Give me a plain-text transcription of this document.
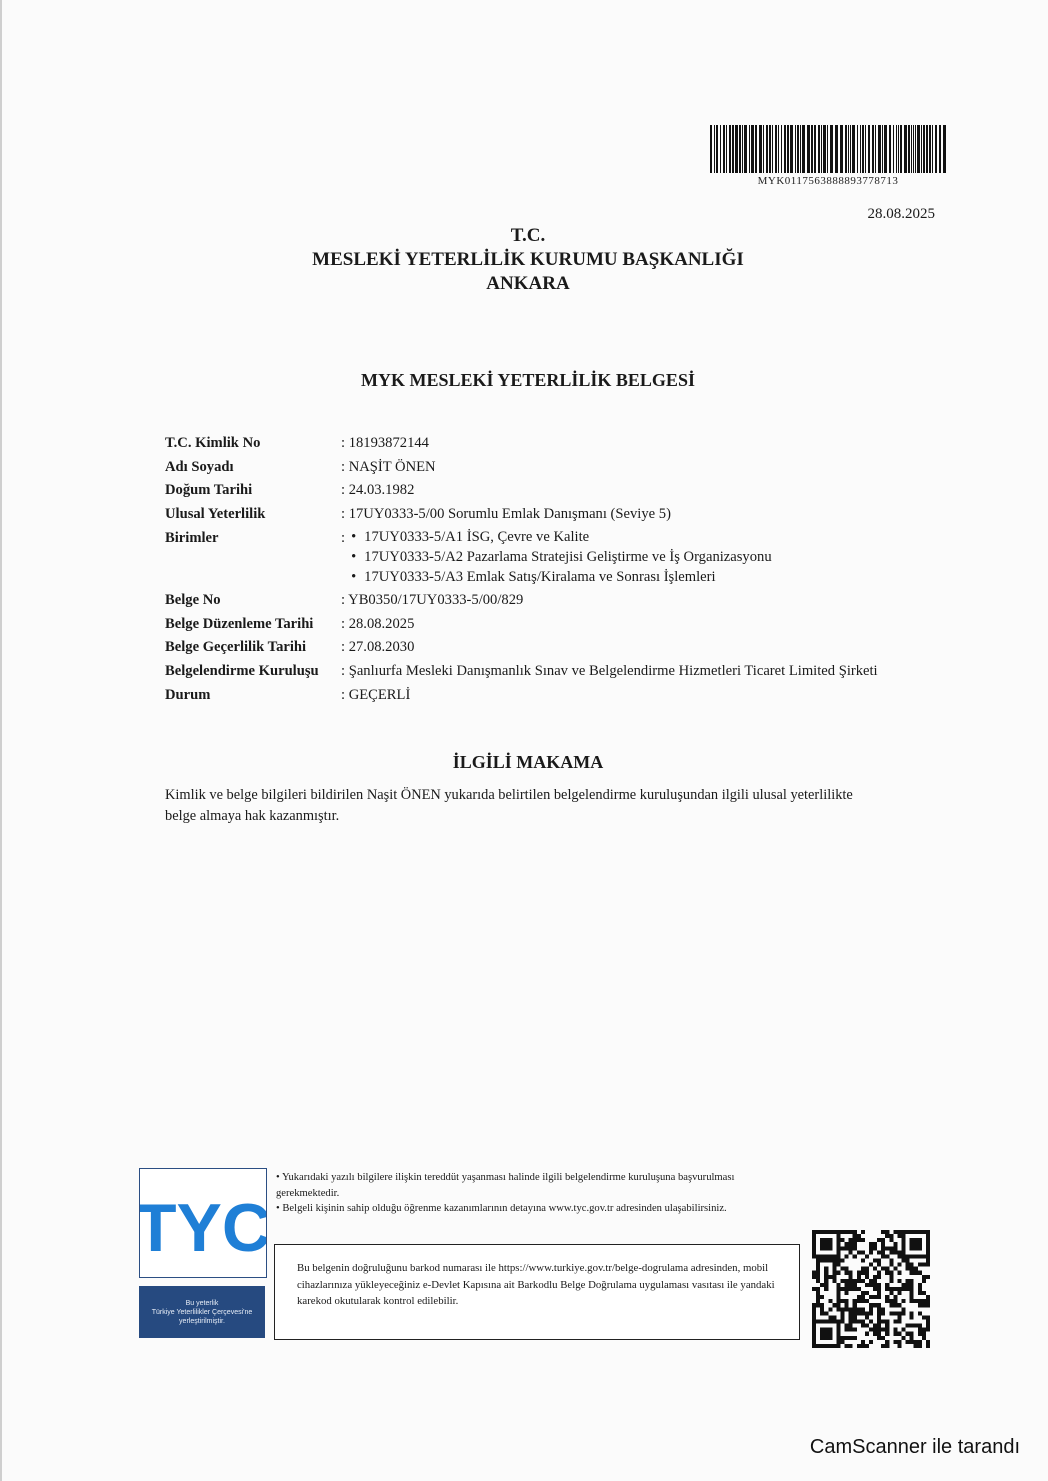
MYK0117563888893778713
28.08.2025
T.C.
MESLEKİ YETERLİLİK KURUMU BAŞKANLIĞI
ANKARA
MYK MESLEKİ YETERLİLİK BELGESİ
T.C. Kimlik No	: 18193872144
Adı Soyadı	: NAŞİT ÖNEN
Doğum Tarihi	: 24.03.1982
Ulusal Yeterlilik	: 17UY0333-5/00 Sorumlu Emlak Danışmanı (Seviye 5)
Birimler	:
•	17UY0333-5/A1 İSG, Çevre ve Kalite
• 17UY0333-5/A2 Pazarlama Stratejisi Geliştirme ve İş Organizasyonu
• 17UY0333-5/A3 Emlak Satış/Kiralama ve Sonrası İşlemleri
Belge No	: YB0350/17UY0333-5/00/829
Belge Düzenleme Tarihi	: 28.08.2025
Belge Geçerlilik Tarihi	: 27.08.2030
Belgelendirme Kuruluşu	: Şanlıurfa Mesleki Danışmanlık Sınav ve Belgelendirme Hizmetleri Ticaret Limited Şirketi
Durum	: GEÇERLİ
İLGİLİ MAKAMA
Kimlik ve belge bilgileri bildirilen Naşit ÖNEN yukarıda belirtilen belgelendirme kuruluşundan ilgili ulusal yeterlilikte belge almaya hak kazanmıştır.
TYC
Bu yeterlik
Türkiye Yeterlilikler Çerçevesi'ne
yerleştirilmiştir.

• Yukarıdaki yazılı bilgilere ilişkin tereddüt yaşanması halinde ilgili belgelendirme kuruluşuna başvurulması gerekmektedir.

• Belgeli kişinin sahip olduğu öğrenme kazanımlarının detayına www.tyc.gov.tr adresinden ulaşabilirsiniz.

Bu belgenin doğruluğunu barkod numarası ile https://www.turkiye.gov.tr/belge-dogrulama adresinden, mobil cihazlarınıza yükleyeceğiniz e-Devlet Kapısına ait Barkodlu Belge Doğrulama uygulaması vasıtası ile yandaki karekod okutularak kontrol edilebilir.
CamScanner ile tarandı
